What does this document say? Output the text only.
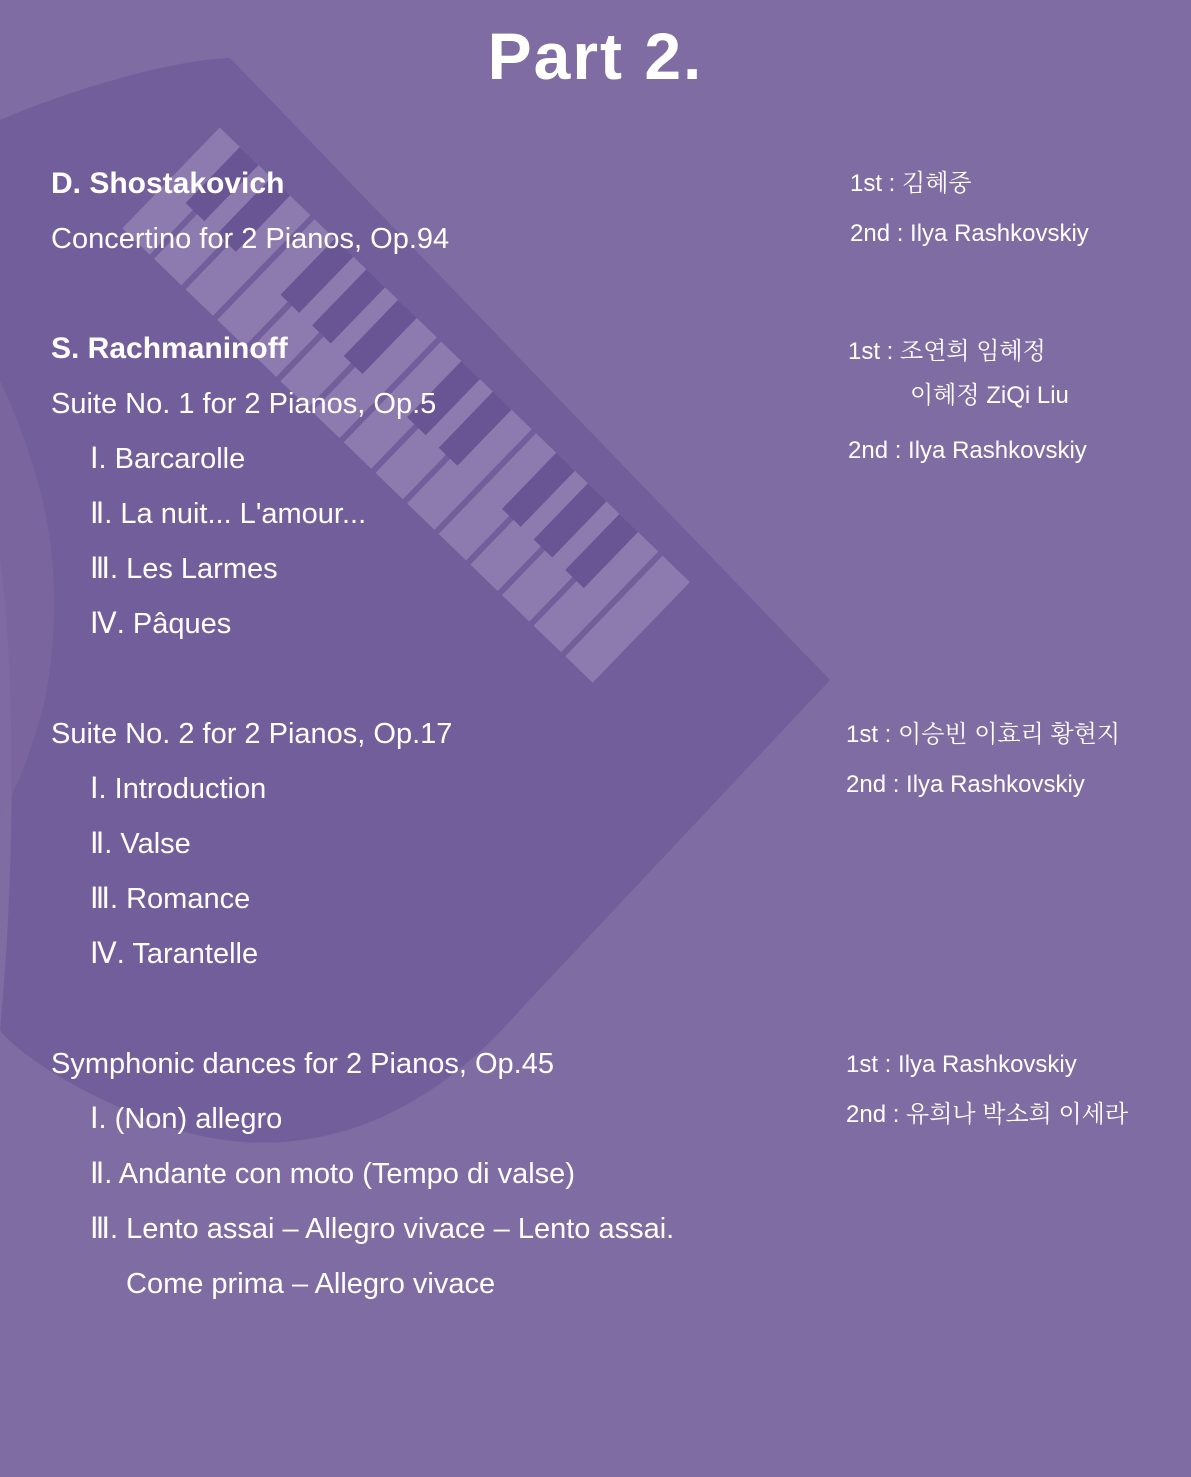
Part 2.
D. Shostakovich
Concertino for 2 Pianos, Op.94
1st : 김혜중
2nd : Ilya Rashkovskiy
S. Rachmaninoff
Suite No. 1 for 2 Pianos, Op.5
Ⅰ. Barcarolle
Ⅱ. La nuit... L'amour...
Ⅲ. Les Larmes
Ⅳ. Pâques
1st : 조연희 임혜정
이혜정 ZiQi Liu
2nd : Ilya Rashkovskiy
Suite No. 2 for 2 Pianos, Op.17
Ⅰ. Introduction
Ⅱ. Valse
Ⅲ. Romance
Ⅳ. Tarantelle
1st : 이승빈 이효리 황현지
2nd : Ilya Rashkovskiy
Symphonic dances for 2 Pianos, Op.45
Ⅰ. (Non) allegro
Ⅱ. Andante con moto (Tempo di valse)
Ⅲ. Lento assai – Allegro vivace – Lento assai.
Come prima – Allegro vivace
1st : Ilya Rashkovskiy
2nd : 유희나 박소희 이세라
